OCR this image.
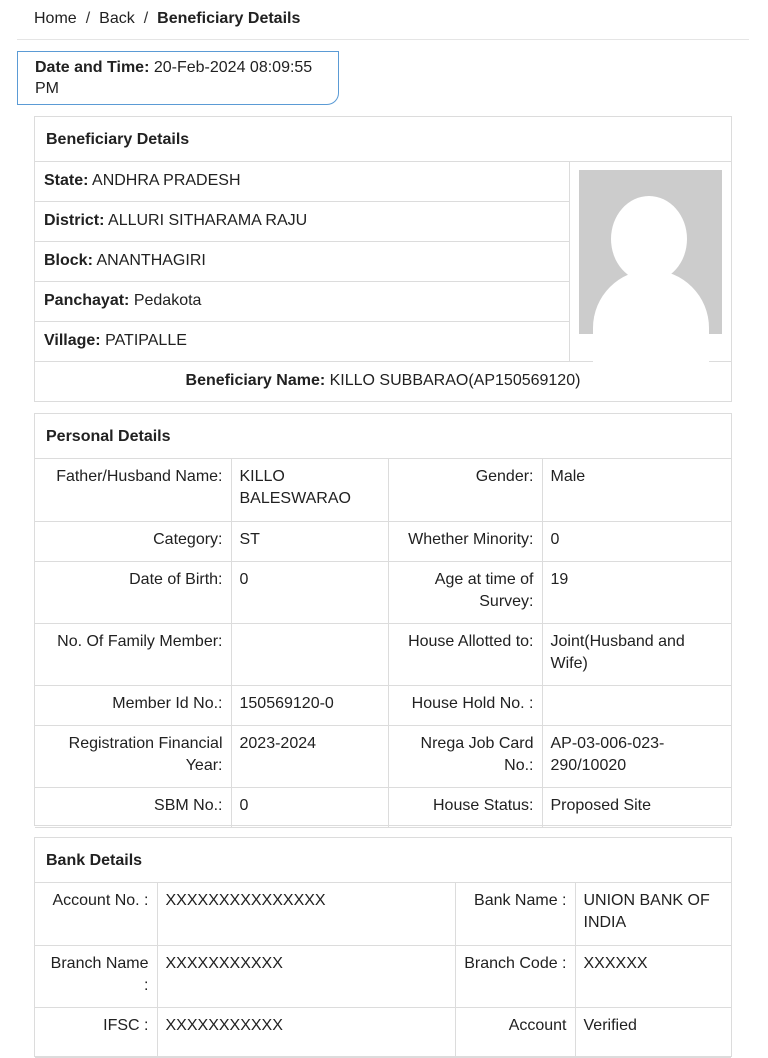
Home / Back / Beneficiary Details
Date and Time: 20-Feb-2024 08:09:55 PM
Beneficiary Details
State: ANDHRA PRADESH
District: ALLURI SITHARAMA RAJU
Block: ANANTHAGIRI
Panchayat: Pedakota
Village: PATIPALLE
Beneficiary Name: KILLO SUBBARAO(AP150569120)
Personal Details
Father/Husband Name:	KILLO BALESWARAO	Gender:	Male
Category:	ST	Whether Minority:	0
Date of Birth:	0	Age at time of Survey:	19
No. Of Family Member:		House Allotted to:	Joint(Husband and Wife)
Member Id No.:	150569120-0	House Hold No. :	
Registration Financial Year:	2023-2024	Nrega Job Card No.:	AP-03-006-023-290/10020
SBM No.:	0	House Status:	Proposed Site
Bank Details
Account No. :	XXXXXXXXXXXXXXX	Bank Name :	UNION BANK OF INDIA
Branch Name :	XXXXXXXXXXX	Branch Code :	XXXXXX
IFSC :	XXXXXXXXXXX	Account	Verified
